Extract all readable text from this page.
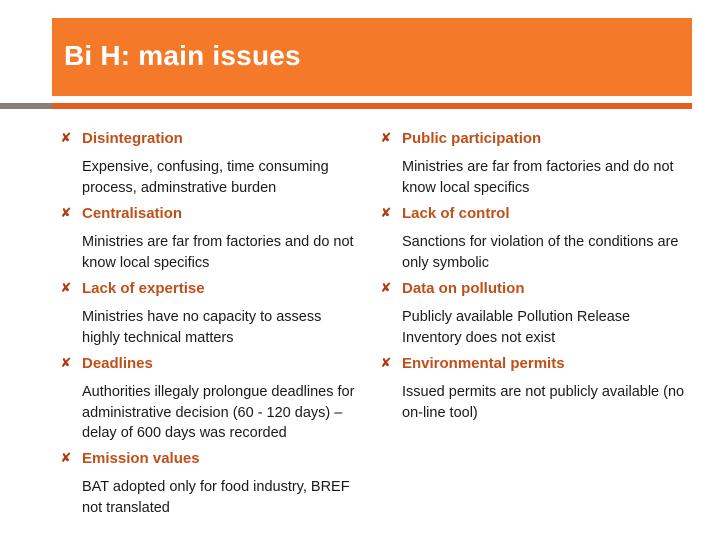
Bi H: main issues
✘ Disintegration
Expensive, confusing, time consuming process, adminstrative burden
✘ Centralisation
Ministries are far from factories and do not know local specifics
✘ Lack of expertise
Ministries have no capacity to assess highly technical matters
✘ Deadlines
Authorities illegaly prolongue deadlines for administrative decision (60 - 120 days) – delay of 600 days was recorded
✘ Emission values
BAT adopted only for food industry, BREF not translated
✘ Public participation
Ministries are far from factories and do not know local specifics
✘ Lack of control
Sanctions for violation of the conditions are only symbolic
✘ Data on pollution
Publicly available Pollution Release Inventory does not exist
✘ Environmental permits
Issued permits are not publicly available (no on-line tool)
